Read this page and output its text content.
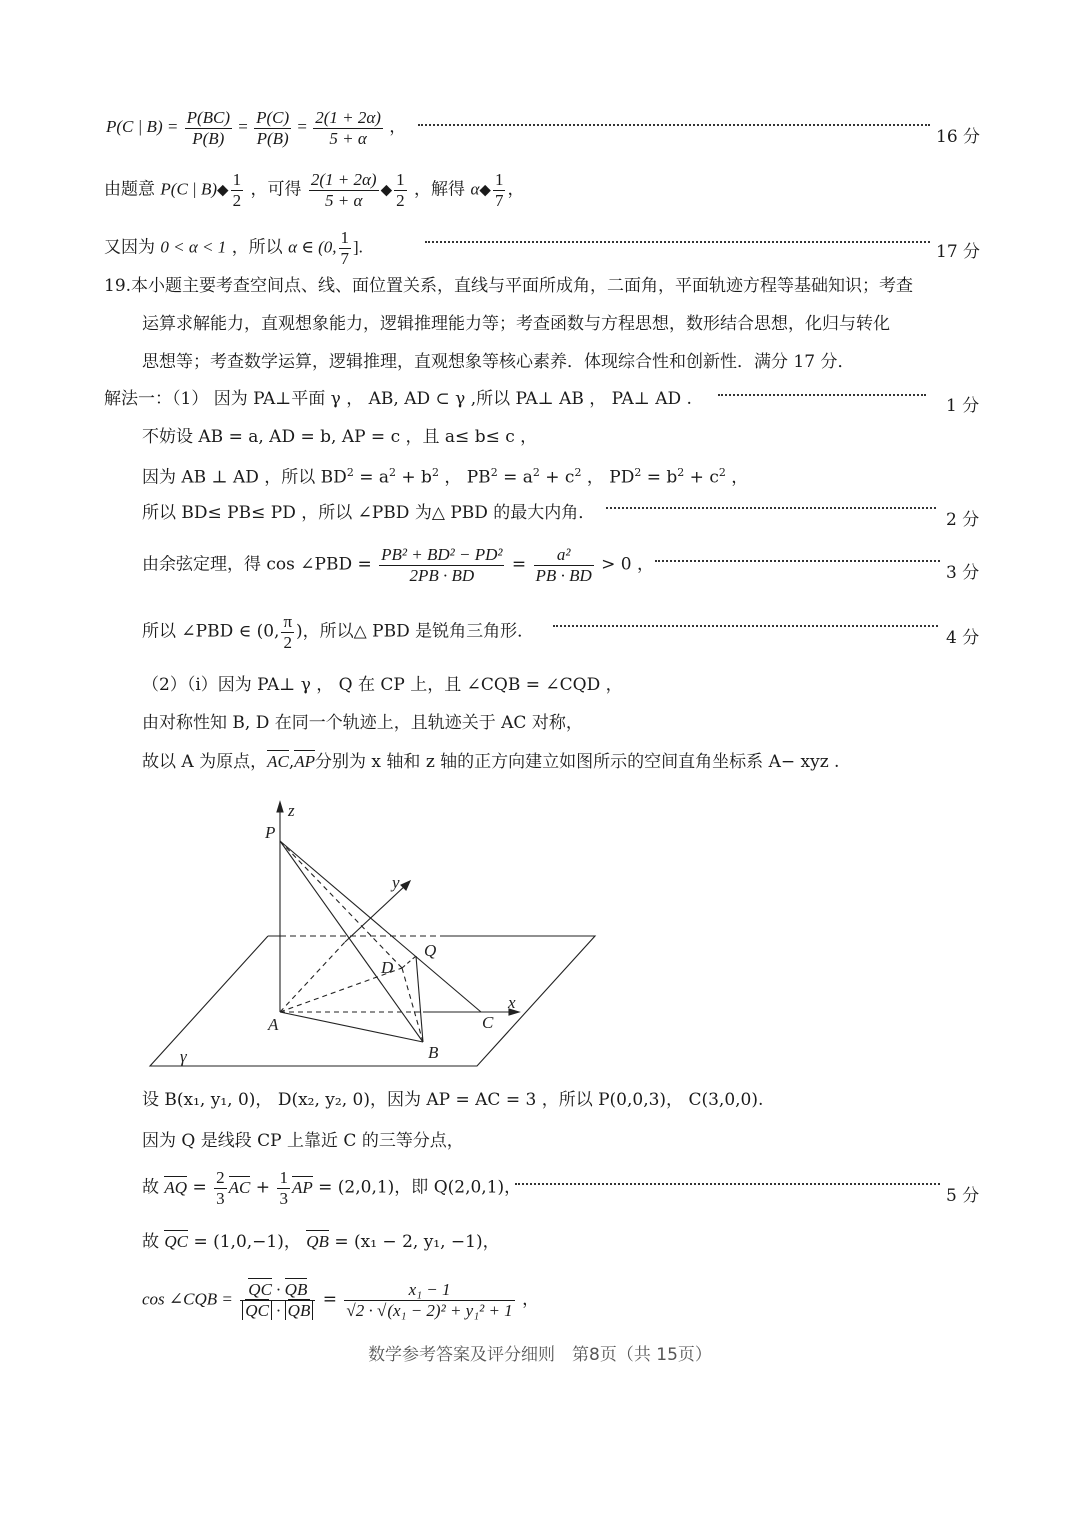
P(C | $B) = \frac{P(BC)}{P(B)} = \frac{P(C)}{P(B)} = \frac{2(1 + 2\alpha)}{5 + \alpha}$ ，
16 分
由题意 P(C | B)◆ $\frac{1}{2}$ ，可得 $\frac{2(1 + 2\alpha)}{5 + \alpha}$ ◆ $\frac{1}{2}$ ，解得 α◆ $\frac{1}{7}$ ，
又因为 0 < α < 1 ，所以 α ∈ (0, $\frac{1}{7}$ ].	17 分
19.本小题主要考查空间点、线、面位置关系，直线与平面所成角，二面角，平面轨迹方程等基础知识；考查
运算求解能力，直观想象能力，逻辑推理能力等；考查函数与方程思想，数形结合思想，化归与转化
思想等；考查数学运算，逻辑推理，直观想象等核心素养．体现综合性和创新性．满分 17 分．
解法一：（1） 因为 PA⊥平面 γ ， AB, AD ⊂ γ ,所以 PA⊥ AB ， PA⊥ AD .	1 分
不妨设 AB = a, AD = b, AP = c ，且 a≤ b≤ c ，
因为 AB ⊥ AD ，所以 $BD^2 = a^2 + b^2$ ， $PB^2 = a^2 + c^2$ ， $PD^2 = b^2 + c^2$ ，
所以 BD≤ PB≤ PD ，所以 ∠PBD 为△ PBD 的最大内角．	2 分
由余弦定理，得 cos ∠PBD = $\frac{\text{PB² + BD² − PD²}}{2PB \cdot BD} = \frac{\text{a²}}{PB \cdot BD} > 0$ ，	3 分
所以 ∠PBD ∈ (0, $\frac{\pi}{2}$ )，所以△ PBD 是锐角三角形．	4 分
（2）（i）因为 PA⊥ γ ， Q 在 CP 上，且 ∠CQB = ∠CQD ，
由对称性知 B, D 在同一个轨迹上，且轨迹关于 AC 对称，
故以 A 为原点，AC,AP分别为 x 轴和 z 轴的正方向建立如图所示的空间直角坐标系 A− xyz .
z
P
y
Q
D
x
A	C
B
γ
设 B(x₁, y₁, 0)， D(x₂, y₂, 0)，因为 AP = AC = 3 ，所以 P(0,0,3)， C(3,0,0).
因为 Q 是线段 CP 上靠近 C 的三等分点，
故 AQ = $\frac{2}{3}$ AC + $\frac{1}{3}$ AP = (2,0,1)，即 Q(2,0,1)，	5 分
故 QC = (1,0,−1)， QB = (x₁ − 2, y₁, −1)，
cos ∠CQB = $\frac{QC \cdot QB}{QC \cdot QB} = \frac{\text{x₁ − 1}}{\text{√2 · √(x₁ − 2)² + y₁² + 1}}$ ，
数学参考答案及评分细则　第8页（共 15页）
